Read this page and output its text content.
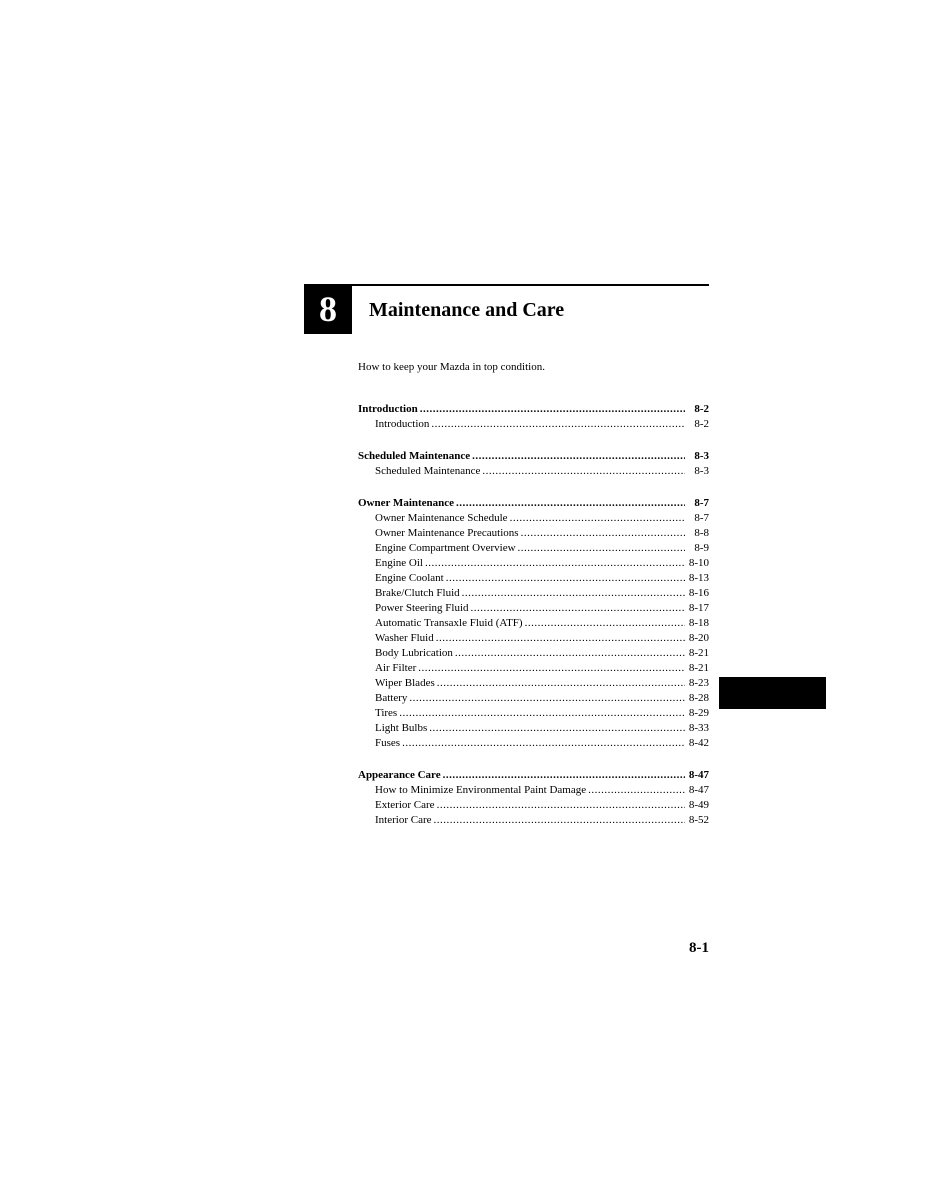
8	Maintenance and Care
How to keep your Mazda in top condition.
Introduction .....	8-2
Introduction .....	8-2
Scheduled Maintenance .....	8-3
Scheduled Maintenance .....	8-3
Owner Maintenance .....	8-7
Owner Maintenance Schedule .....	8-7
Owner Maintenance Precautions .....	8-8
Engine Compartment Overview .....	8-9
Engine Oil .....	8-10
Engine Coolant .....	8-13
Brake/Clutch Fluid .....	8-16
Power Steering Fluid .....	8-17
Automatic Transaxle Fluid (ATF) .....	8-18
Washer Fluid .....	8-20
Body Lubrication .....	8-21
Air Filter .....	8-21
Wiper Blades .....	8-23
Battery .....	8-28
Tires .....	8-29
Light Bulbs .....	8-33
Fuses .....	8-42
Appearance Care .....	8-47
How to Minimize Environmental Paint Damage .....	8-47
Exterior Care .....	8-49
Interior Care .....	8-52
8-1
